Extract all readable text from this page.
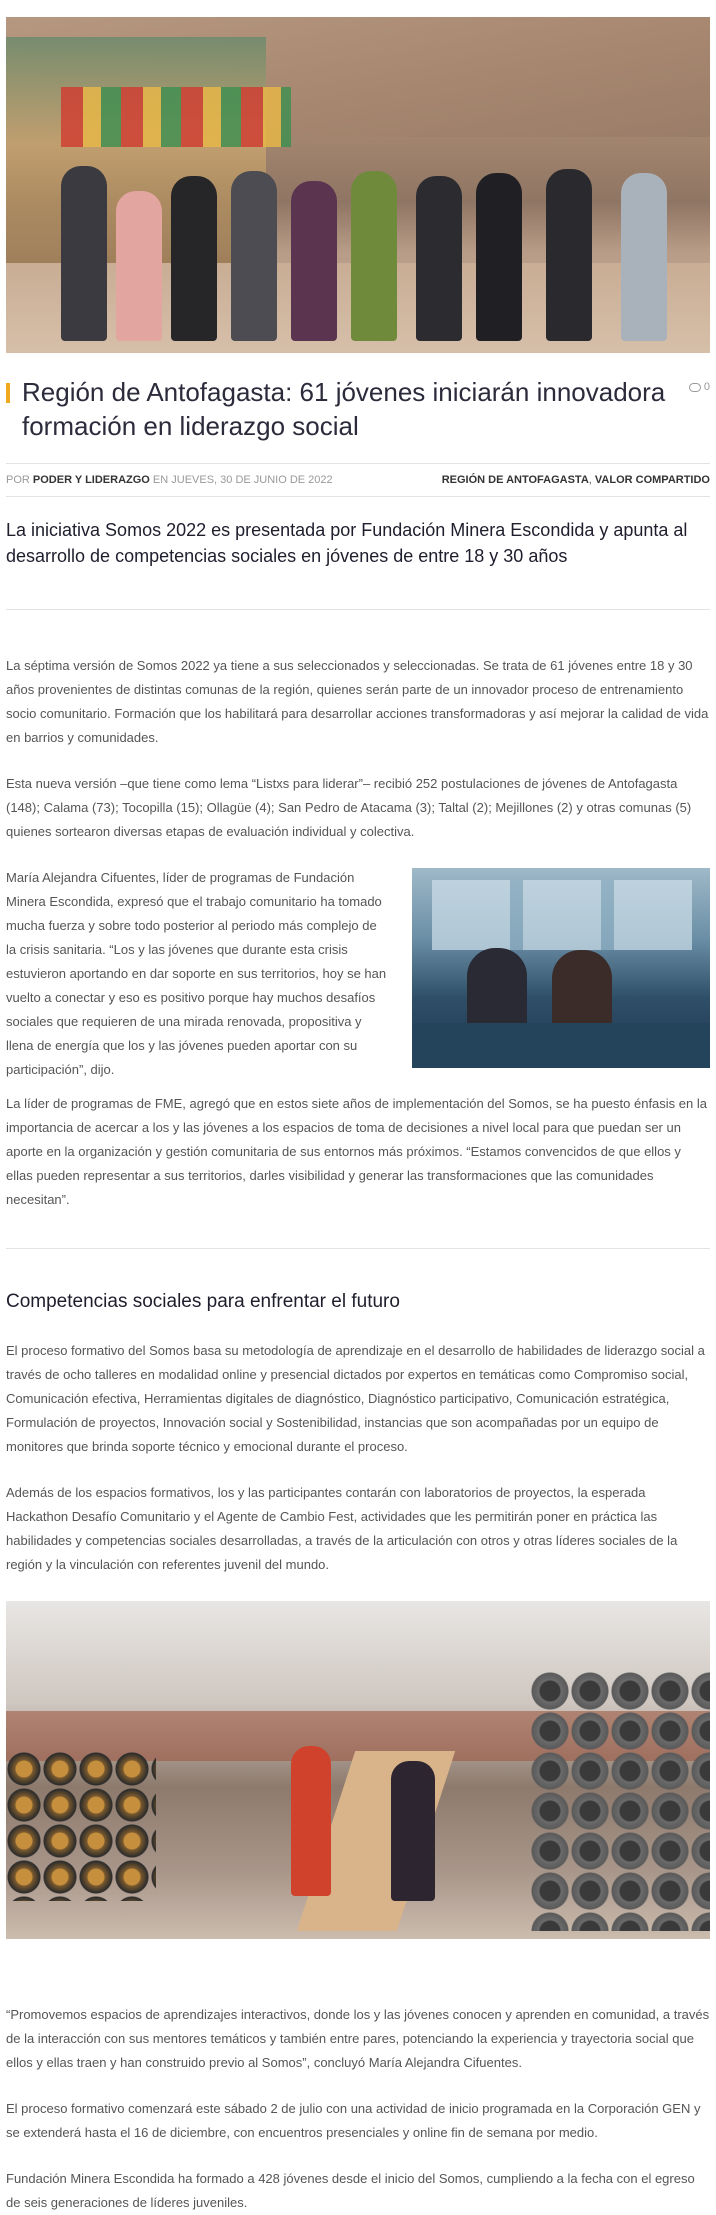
Región de Antofagasta: 61 jóvenes iniciarán innovadora formación en liderazgo social
0
POR PODER Y LIDERAZGO EN JUEVES, 30 DE JUNIO DE 2022	REGIÓN DE ANTOFAGASTA, VALOR COMPARTIDO

La iniciativa Somos 2022 es presentada por Fundación Minera Escondida y apunta al desarrollo de competencias sociales en jóvenes de entre 18 y 30 años

La séptima versión de Somos 2022 ya tiene a sus seleccionados y seleccionadas. Se trata de 61 jóvenes entre 18 y 30 años provenientes de distintas comunas de la región, quienes serán parte de un innovador proceso de entrenamiento socio comunitario. Formación que los habilitará para desarrollar acciones transformadoras y así mejorar la calidad de vida en barrios y comunidades.

Esta nueva versión –que tiene como lema “Listxs para liderar”– recibió 252 postulaciones de jóvenes de Antofagasta (148); Calama (73); Tocopilla (15); Ollagüe (4); San Pedro de Atacama (3); Taltal (2); Mejillones (2) y otras comunas (5) quienes sortearon diversas etapas de evaluación individual y colectiva.

María Alejandra Cifuentes, líder de programas de Fundación Minera Escondida, expresó que el trabajo comunitario ha tomado mucha fuerza y sobre todo posterior al periodo más complejo de la crisis sanitaria. “Los y las jóvenes que durante esta crisis estuvieron aportando en dar soporte en sus territorios, hoy se han vuelto a conectar y eso es positivo porque hay muchos desafíos sociales que requieren de una mirada renovada, propositiva y llena de energía que los y las jóvenes pueden aportar con su participación”, dijo.

La líder de programas de FME, agregó que en estos siete años de implementación del Somos, se ha puesto énfasis en la importancia de acercar a los y las jóvenes a los espacios de toma de decisiones a nivel local para que puedan ser un aporte en la organización y gestión comunitaria de sus entornos más próximos. “Estamos convencidos de que ellos y ellas pueden representar a sus territorios, darles visibilidad y generar las transformaciones que las comunidades necesitan”.

Competencias sociales para enfrentar el futuro

El proceso formativo del Somos basa su metodología de aprendizaje en el desarrollo de habilidades de liderazgo social a través de ocho talleres en modalidad online y presencial dictados por expertos en temáticas como Compromiso social, Comunicación efectiva, Herramientas digitales de diagnóstico, Diagnóstico participativo, Comunicación estratégica, Formulación de proyectos, Innovación social y Sostenibilidad, instancias que son acompañadas por un equipo de monitores que brinda soporte técnico y emocional durante el proceso.

Además de los espacios formativos, los y las participantes contarán con laboratorios de proyectos, la esperada Hackathon Desafío Comunitario y el Agente de Cambio Fest, actividades que les permitirán poner en práctica las habilidades y competencias sociales desarrolladas, a través de la articulación con otros y otras líderes sociales de la región y la vinculación con referentes juvenil del mundo.

“Promovemos espacios de aprendizajes interactivos, donde los y las jóvenes conocen y aprenden en comunidad, a través de la interacción con sus mentores temáticos y también entre pares, potenciando la experiencia y trayectoria social que ellos y ellas traen y han construido previo al Somos”, concluyó María Alejandra Cifuentes.

El proceso formativo comenzará este sábado 2 de julio con una actividad de inicio programada en la Corporación GEN y se extenderá hasta el 16 de diciembre, con encuentros presenciales y online fin de semana por medio.

Fundación Minera Escondida ha formado a 428 jóvenes desde el inicio del Somos, cumpliendo a la fecha con el egreso de seis generaciones de líderes juveniles.
